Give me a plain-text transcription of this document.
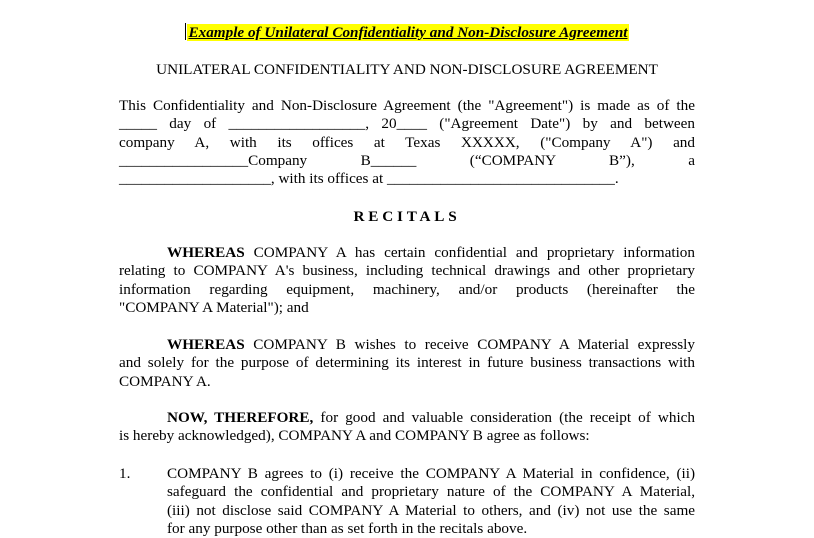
Example of Unilateral Confidentiality and Non-Disclosure Agreement
UNILATERAL CONFIDENTIALITY AND NON-DISCLOSURE AGREEMENT
This Confidentiality and Non-Disclosure Agreement (the "Agreement") is made as of the
_____ day of __________________, 20____ ("Agreement Date") by and between
company A, with its offices at Texas XXXXX, ("Company A") and
_________________Company B______ (“COMPANY B”), a
____________________, with its offices at ______________________________.
RECITALS
WHEREAS COMPANY A has certain confidential and proprietary information
relating to COMPANY A's business, including technical drawings and other proprietary
information regarding equipment, machinery, and/or products (hereinafter the
"COMPANY A Material"); and
WHEREAS COMPANY B wishes to receive COMPANY A Material expressly
and solely for the purpose of determining its interest in future business transactions with
COMPANY A.
NOW, THEREFORE, for good and valuable consideration (the receipt of which
is hereby acknowledged), COMPANY A and COMPANY B agree as follows:
1. COMPANY B agrees to (i) receive the COMPANY A Material in confidence, (ii)
safeguard the confidential and proprietary nature of the COMPANY A Material,
(iii) not disclose said COMPANY A Material to others, and (iv) not use the same
for any purpose other than as set forth in the recitals above.
